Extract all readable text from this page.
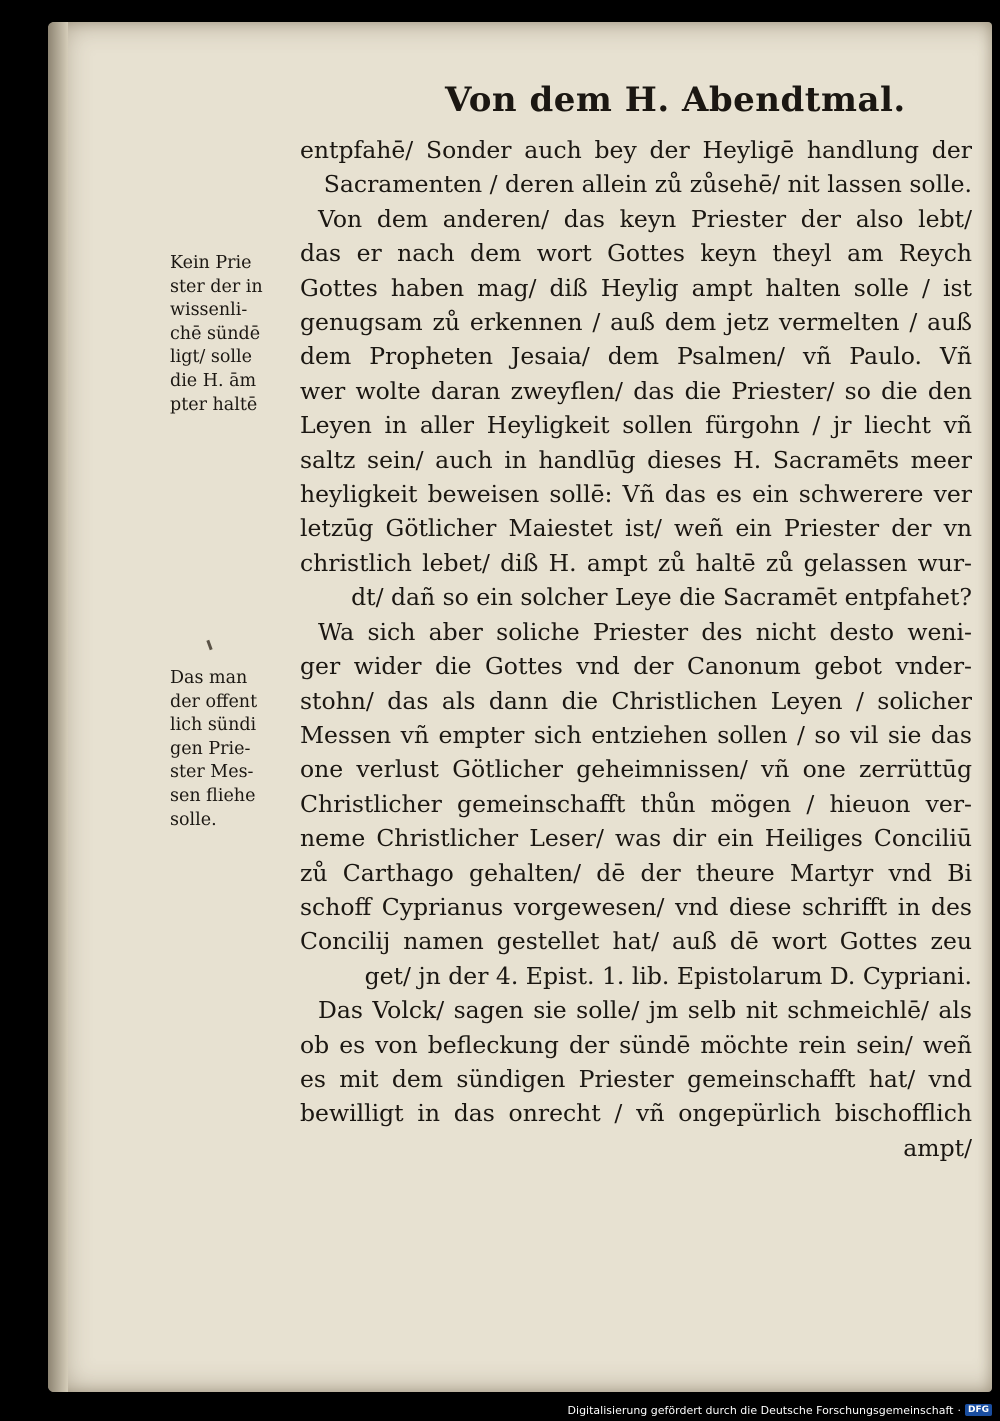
Von dem H. Abendtmal.
entpfahē/ Sonder auch bey der Heyligē handlung der
Sacramenten / deren allein zů zůsehē/ nit lassen solle.
Von dem anderen/ das keyn Priester der also lebt/
das er nach dem wort Gottes keyn theyl am Reych
Gottes haben mag/ diß Heylig ampt halten solle / ist
genugsam zů erkennen / auß dem jetz vermelten / auß
dem Propheten Jesaia/ dem Psalmen/ vñ Paulo. Vñ
wer wolte daran zweyflen/ das die Priester/ so die den
Leyen in aller Heyligkeit sollen fürgohn / jr liecht vñ
saltz sein/ auch in handlūg dieses H. Sacramēts meer
heyligkeit beweisen sollē: Vñ das es ein schwerere ver
letzūg Götlicher Maiestet ist/ weñ ein Priester der vn
christlich lebet/ diß H. ampt zů haltē zů gelassen wur-
dt/ dañ so ein solcher Leye die Sacramēt entpfahet?
Wa sich aber soliche Priester des nicht desto weni-
ger wider die Gottes vnd der Canonum gebot vnder-
stohn/ das als dann die Christlichen Leyen / solicher
Messen vñ empter sich entziehen sollen / so vil sie das
one verlust Götlicher geheimnissen/ vñ one zerrüttūg
Christlicher gemeinschafft thůn mögen / hieuon ver-
neme Christlicher Leser/ was dir ein Heiliges Conciliū
zů Carthago gehalten/ dē der theure Martyr vnd Bi
schoff Cyprianus vorgewesen/ vnd diese schrifft in des
Concilij namen gestellet hat/ auß dē wort Gottes zeu
get/ jn der 4. Epist. 1. lib. Epistolarum D. Cypriani.
Das Volck/ sagen sie solle/ jm selb nit schmeichlē/ als
ob es von befleckung der sündē möchte rein sein/ weñ
es mit dem sündigen Priester gemeinschafft hat/ vnd
bewilligt in das onrecht / vñ ongepürlich bischofflich
ampt/
Kein Prie
ster der in
wissenli-
chē sündē
ligt/ solle
die H. ām
pter haltē
Das man
der offent
lich sündi
gen Prie-
ster Mes-
sen fliehe
solle.
Digitalisierung gefördert durch die Deutsche Forschungsgemeinschaft · DFG
